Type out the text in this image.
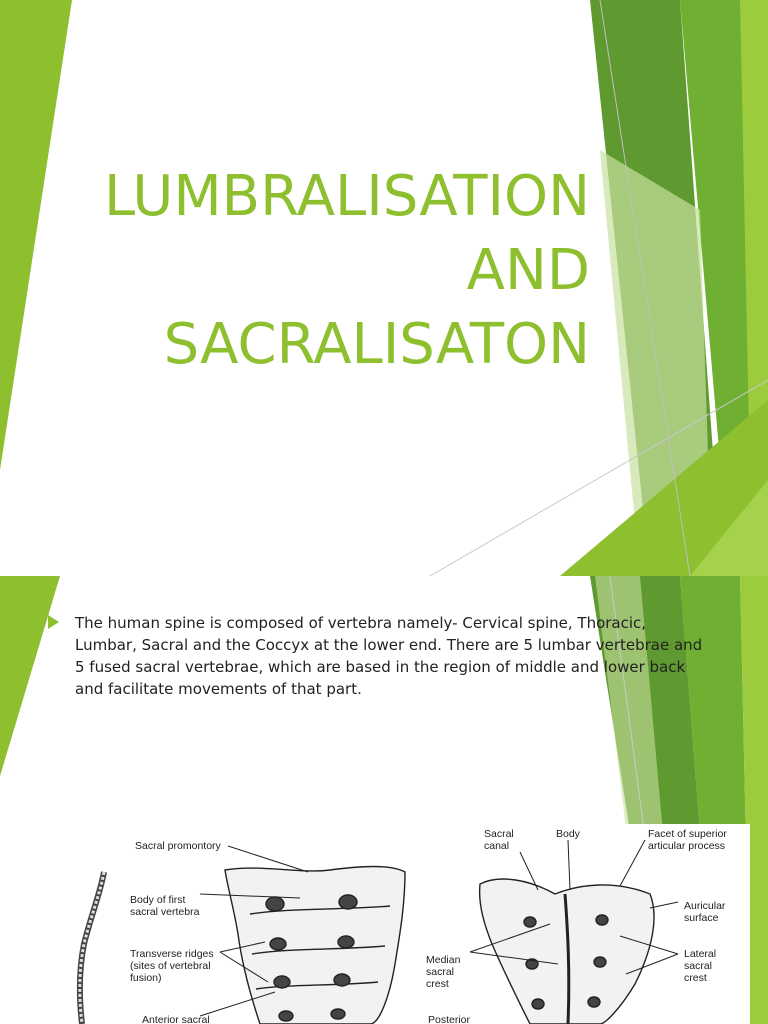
LUMBRALISATION
AND
SACRALISATON

The human spine is composed of vertebra namely- Cervical spine, Thoracic, Lumbar, Sacral and the Coccyx at the lower end. There are 5 lumbar vertebrae and 5 fused sacral vertebrae, which are based in the region of middle and lower back and facilitate movements of that part.

Sacral promontory

Body of first
sacral vertebra

Transverse ridges
(sites of vertebral
fusion)

Anterior sacral

Sacral
canal

Body	Facet of superior
articular process

Auricular
surface

Median
sacral
crest

Lateral
sacral
crest

Posterior
